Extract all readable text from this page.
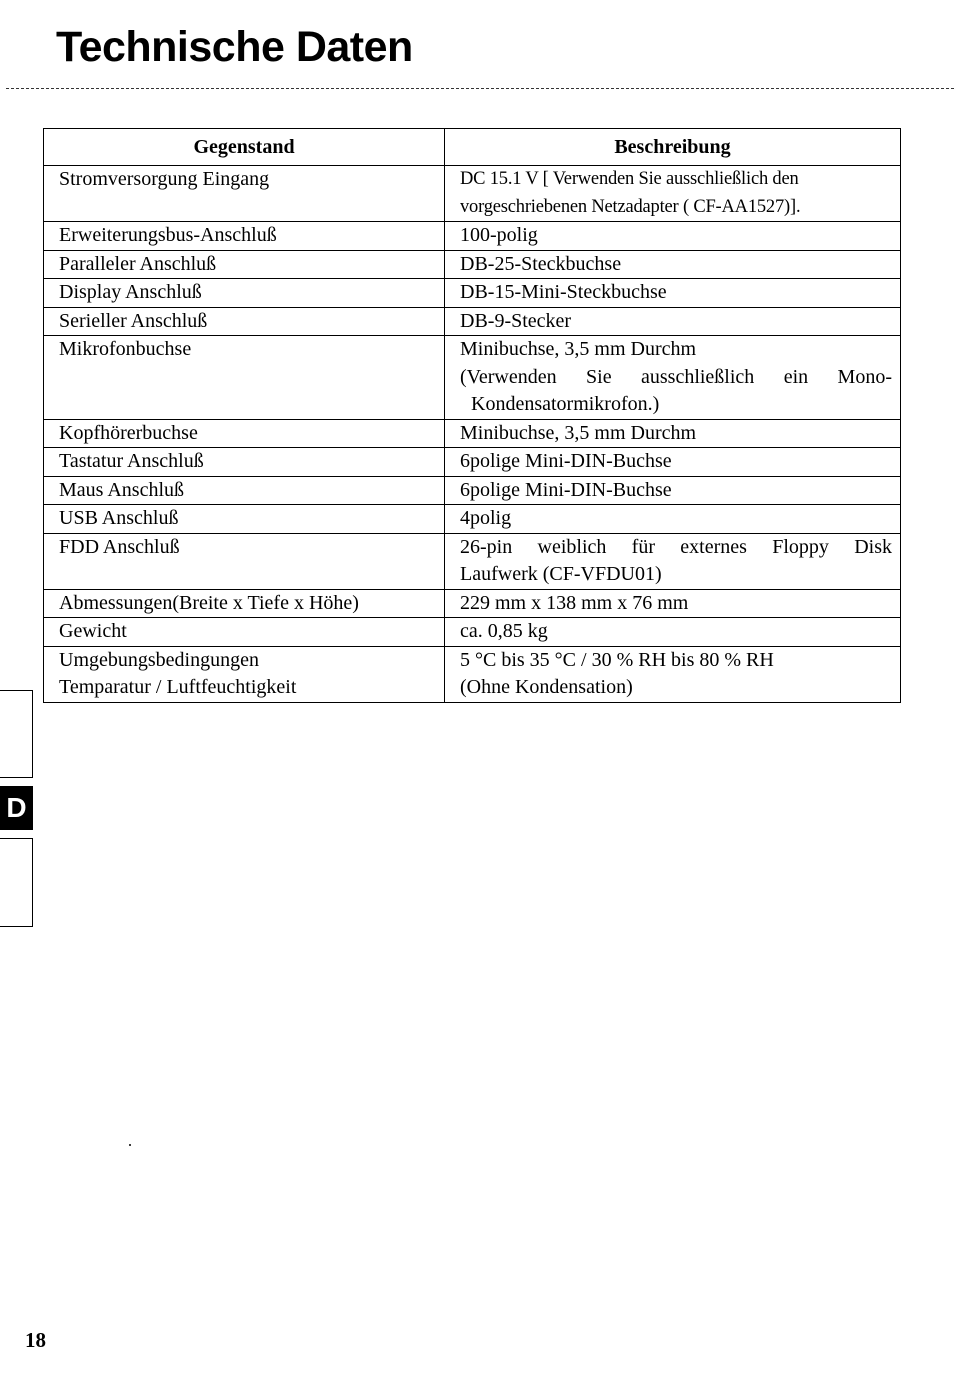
Technische Daten
Gegenstand	Beschreibung

Stromversorgung Eingang	DC 15.1 V [ Verwenden Sie ausschließlich den
vorgeschriebenen Netzadapter ( CF-AA1527)].

Erweiterungsbus-Anschluß	100-polig

Paralleler Anschluß	DB-25-Steckbuchse

Display Anschluß	DB-15-Mini-Steckbuchse

Serieller Anschluß	DB-9-Stecker

Mikrofonbuchse	Minibuchse, 3,5 mm Durchm
(Verwenden Sie ausschließlich ein Mono-
Kondensatormikrofon.)

Kopfhörerbuchse	Minibuchse, 3,5 mm Durchm

Tastatur Anschluß	6polige Mini-DIN-Buchse

Maus Anschluß	6polige Mini-DIN-Buchse

USB Anschluß	4polig

FDD Anschluß	26-pin weiblich für externes Floppy Disk
Laufwerk (CF-VFDU01)

Abmessungen(Breite x Tiefe x Höhe)	229 mm x 138 mm x 76 mm

Gewicht	ca. 0,85 kg

Umgebungsbedingungen
Temparatur / Luftfeuchtigkeit	5 °C bis 35 °C / 30 % RH bis 80 % RH
(Ohne Kondensation)
D
18
